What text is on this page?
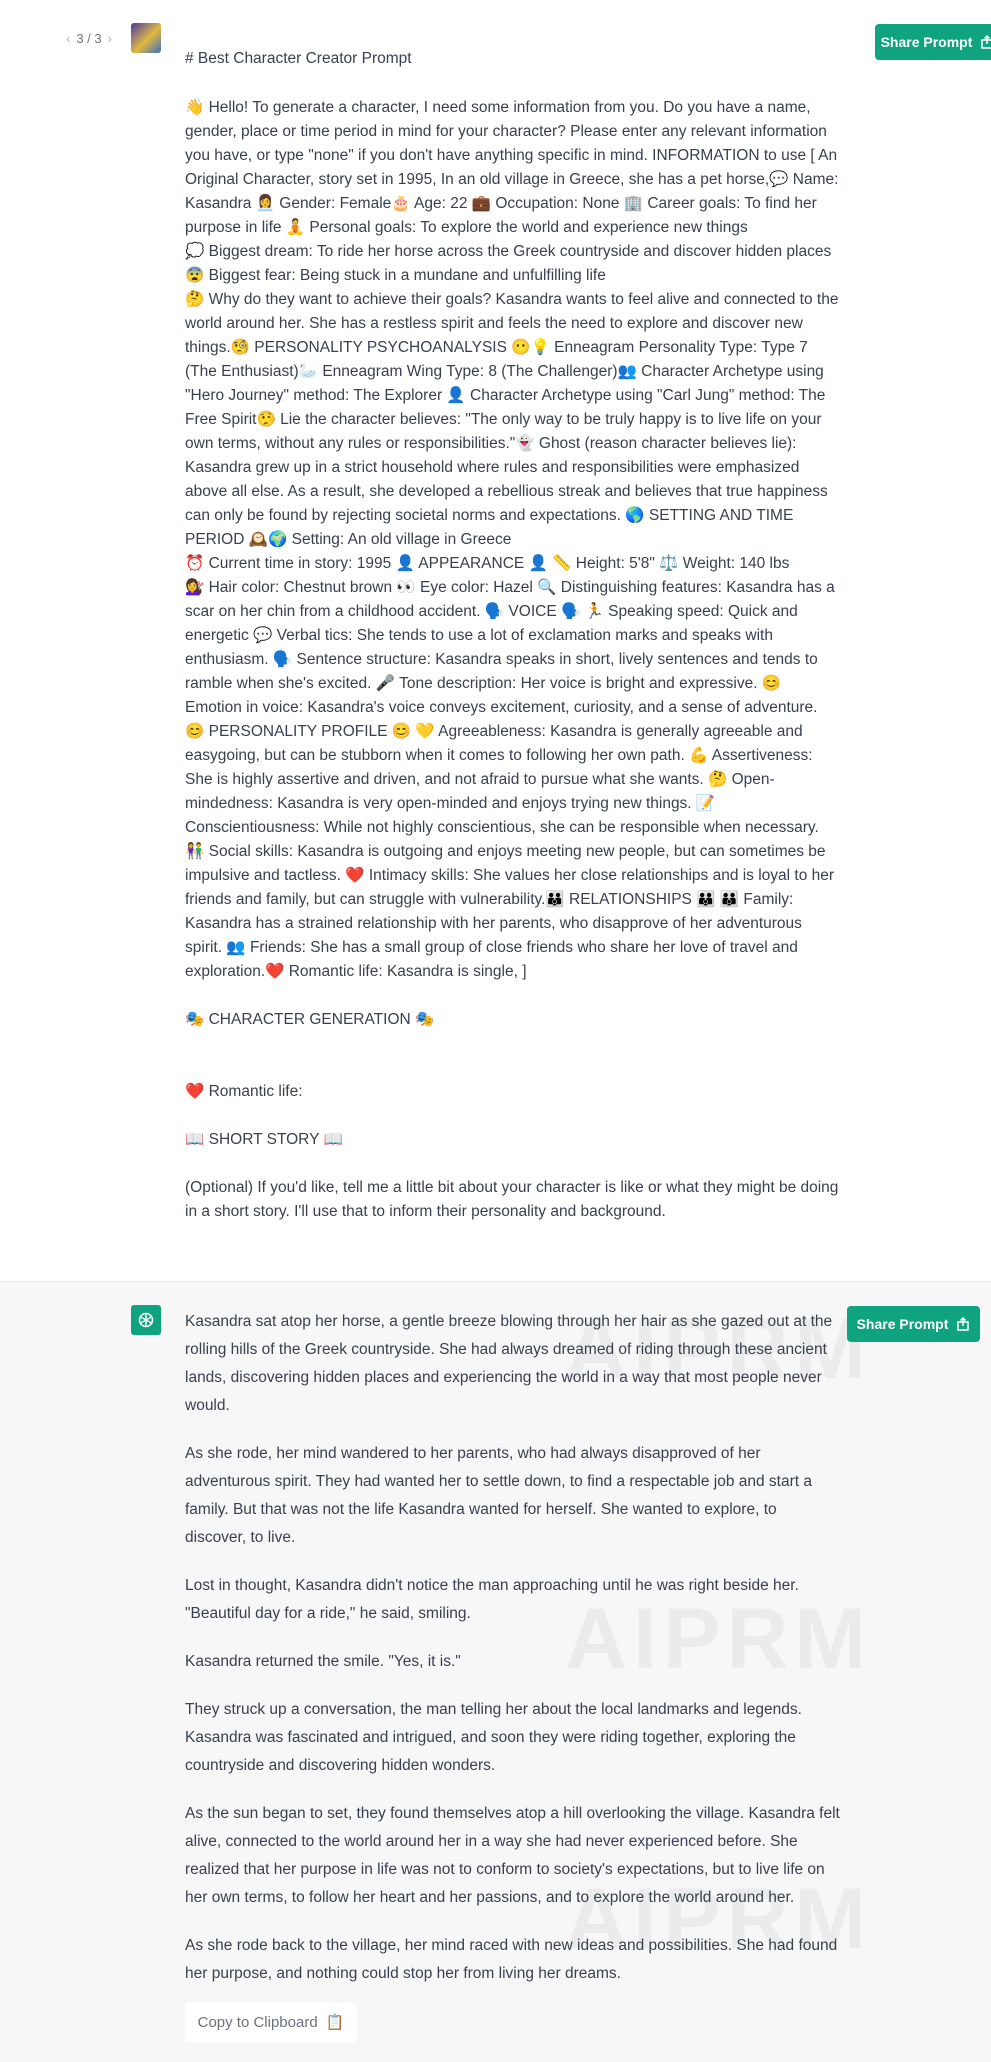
‹ 3 / 3 ›	Share Prompt
# Best Character Creator Prompt
👋 Hello! To generate a character, I need some information from you. Do you have a name, gender, place or time period in mind for your character? Please enter any relevant information you have, or type "none" if you don't have anything specific in mind. INFORMATION to use [ An Original Character, story set in 1995, In an old village in Greece, she has a pet horse,💬 Name: Kasandra 👩‍💼 Gender: Female🎂 Age: 22 💼 Occupation: None 🏢 Career goals: To find her purpose in life 🧘 Personal goals: To explore the world and experience new things
💭 Biggest dream: To ride her horse across the Greek countryside and discover hidden places 😨 Biggest fear: Being stuck in a mundane and unfulfilling life
🤔 Why do they want to achieve their goals? Kasandra wants to feel alive and connected to the world around her. She has a restless spirit and feels the need to explore and discover new things.🧐 PERSONALITY PSYCHOANALYSIS 😶💡 Enneagram Personality Type: Type 7 (The Enthusiast)🦢 Enneagram Wing Type: 8 (The Challenger)👥 Character Archetype using "Hero Journey" method: The Explorer 👤 Character Archetype using "Carl Jung" method: The Free Spirit🤥 Lie the character believes: "The only way to be truly happy is to live life on your own terms, without any rules or responsibilities."👻 Ghost (reason character believes lie): Kasandra grew up in a strict household where rules and responsibilities were emphasized above all else. As a result, she developed a rebellious streak and believes that true happiness can only be found by rejecting societal norms and expectations. 🌎 SETTING AND TIME PERIOD 🕰️🌍 Setting: An old village in Greece
⏰ Current time in story: 1995 👤 APPEARANCE 👤 📏 Height: 5'8" ⚖️ Weight: 140 lbs
💇‍♀️ Hair color: Chestnut brown 👀 Eye color: Hazel 🔍 Distinguishing features: Kasandra has a scar on her chin from a childhood accident. 🗣️ VOICE 🗣️ 🏃 Speaking speed: Quick and energetic 💬 Verbal tics: She tends to use a lot of exclamation marks and speaks with enthusiasm. 🗣️ Sentence structure: Kasandra speaks in short, lively sentences and tends to ramble when she's excited. 🎤 Tone description: Her voice is bright and expressive. 😊 Emotion in voice: Kasandra's voice conveys excitement, curiosity, and a sense of adventure. 😊 PERSONALITY PROFILE 😊 💛 Agreeableness: Kasandra is generally agreeable and easygoing, but can be stubborn when it comes to following her own path. 💪 Assertiveness: She is highly assertive and driven, and not afraid to pursue what she wants. 🤔 Open-mindedness: Kasandra is very open-minded and enjoys trying new things. 📝 Conscientiousness: While not highly conscientious, she can be responsible when necessary. 👫 Social skills: Kasandra is outgoing and enjoys meeting new people, but can sometimes be impulsive and tactless. ❤️ Intimacy skills: She values her close relationships and is loyal to her friends and family, but can struggle with vulnerability.👪 RELATIONSHIPS 👪 👪 Family: Kasandra has a strained relationship with her parents, who disapprove of her adventurous spirit. 👥 Friends: She has a small group of close friends who share her love of travel and exploration.❤️ Romantic life: Kasandra is single, ]

🎭 CHARACTER GENERATION 🎭

❤️ Romantic life:

📖 SHORT STORY 📖

(Optional) If you'd like, tell me a little bit about your character is like or what they might be doing in a short story. I'll use that to inform their personality and background.
Share Prompt

Kasandra sat atop her horse, a gentle breeze blowing through her hair as she gazed out at the rolling hills of the Greek countryside. She had always dreamed of riding through these ancient lands, discovering hidden places and experiencing the world in a way that most people never would.

As she rode, her mind wandered to her parents, who had always disapproved of her adventurous spirit. They had wanted her to settle down, to find a respectable job and start a family. But that was not the life Kasandra wanted for herself. She wanted to explore, to discover, to live.

Lost in thought, Kasandra didn't notice the man approaching until he was right beside her. "Beautiful day for a ride," he said, smiling.

Kasandra returned the smile. "Yes, it is."

They struck up a conversation, the man telling her about the local landmarks and legends. Kasandra was fascinated and intrigued, and soon they were riding together, exploring the countryside and discovering hidden wonders.

As the sun began to set, they found themselves atop a hill overlooking the village. Kasandra felt alive, connected to the world around her in a way she had never experienced before. She realized that her purpose in life was not to conform to society's expectations, but to live life on her own terms, to follow her heart and her passions, and to explore the world around her.

As she rode back to the village, her mind raced with new ideas and possibilities. She had found her purpose, and nothing could stop her from living her dreams.

Copy to Clipboard 📋
